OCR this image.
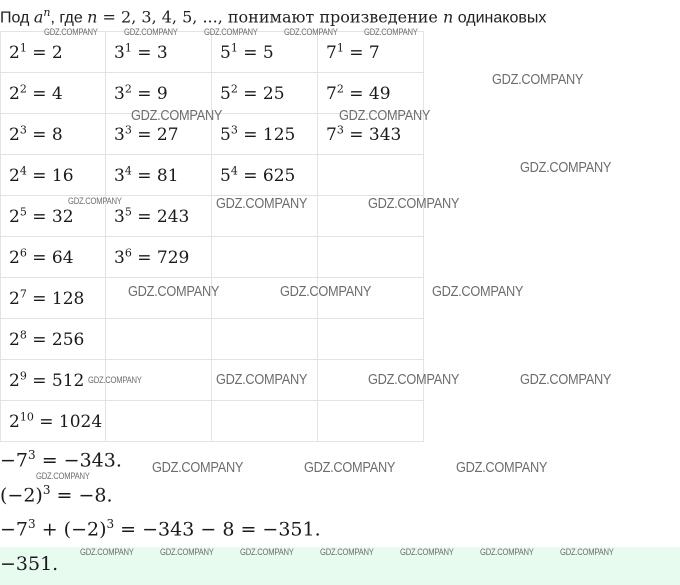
Под $a^n$, где n = 2, 3, 4, 5, ..., понимают произведение n одинаковых
$2^1 = 2$	$3^1 = 3$	$5^1 = 5$	$7^1 = 7$
$2^2 = 4$	$3^2 = 9$	$5^2 = 25$	$7^2 = 49$
$2^3 = 8$	$3^3 = 27$	$5^3 = 125$	$7^3 = 343$
$2^4 = 16$	$3^4 = 81$	$5^4 = 625$	
$2^5 = 32$	$3^5 = 243$		
$2^6 = 64$	$3^6 = 729$		
$2^7 = 128$			
$2^8 = 256$			
$2^9 = 512$			
$2^{10} = 1024$			
$-7^3 = -343$.
$(-2)^3 = -8$.
$-7^3 + (-2)^3 = -343 - 8 = -351$.
−351.
GDZ.COMPANY	GDZ.COMPANY	GDZ.COMPANY	GDZ.COMPANY	GDZ.COMPANY
GDZ.COMPANY
GDZ.COMPANY	GDZ.COMPANY
GDZ.COMPANY
GDZ.COMPANY	GDZ.COMPANY	GDZ.COMPANY
GDZ.COMPANY	GDZ.COMPANY	GDZ.COMPANY
GDZ.COMPANY	GDZ.COMPANY	GDZ.COMPANY	GDZ.COMPANY
GDZ.COMPANY	GDZ.COMPANY	GDZ.COMPANY
GDZ.COMPANY
GDZ.COMPANY	GDZ.COMPANY	GDZ.COMPANY	GDZ.COMPANY	GDZ.COMPANY	GDZ.COMPANY	GDZ.COMPANY
